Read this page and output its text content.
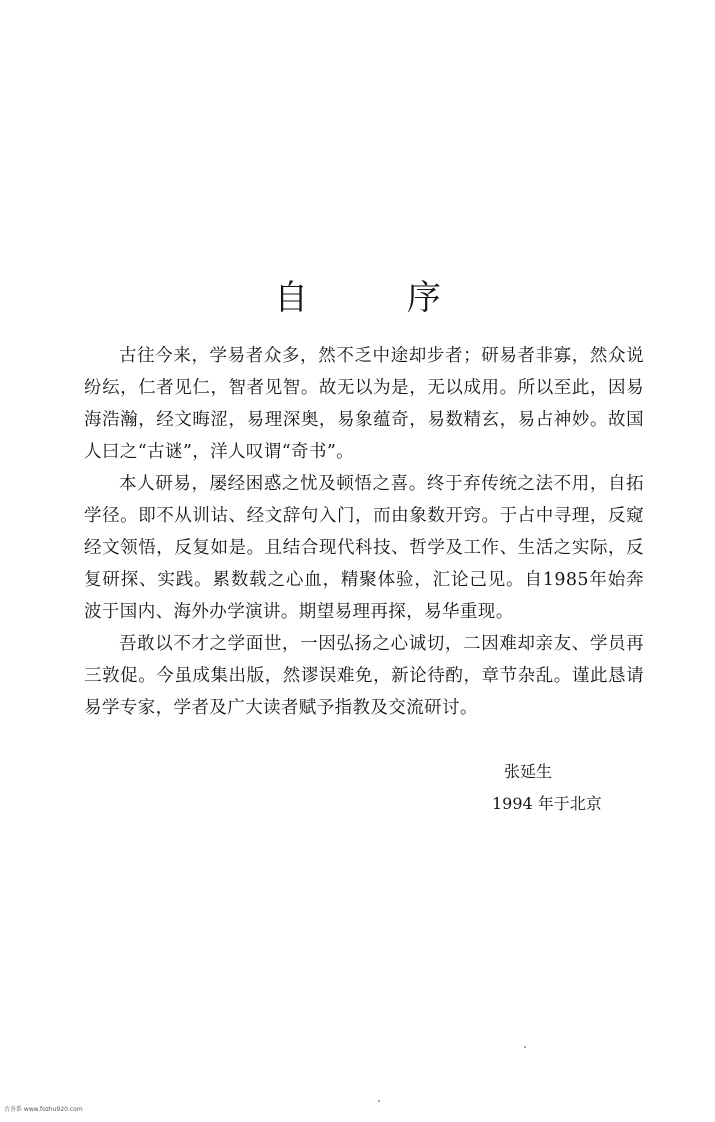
自 序

古往今来，学易者众多，然不乏中途却步者；研易者非寡，然众说纷纭，仁者见仁，智者见智。故无以为是，无以成用。所以至此，因易海浩瀚，经文晦涩，易理深奥，易象蕴奇，易数精玄，易占神妙。故国人曰之“古谜”，洋人叹谓“奇书”。

本人研易，屡经困惑之忧及顿悟之喜。终于弃传统之法不用，自拓学径。即不从训诂、经文辞句入门，而由象数开窍。于占中寻理，反窥经文领悟，反复如是。且结合现代科技、哲学及工作、生活之实际，反复研探、实践。累数载之心血，精聚体验，汇论己见。自1985年始奔波于国内、海外办学演讲。期望易理再探，易华重现。

吾敢以不才之学面世，一因弘扬之心诚切，二因难却亲友、学员再三敦促。今虽成集出版，然谬误难免，新论待酌，章节杂乱。谨此恳请易学专家，学者及广大读者赋予指教及交流研讨。

张延生
1994 年于北京
古善系 www.fozhu920.com
